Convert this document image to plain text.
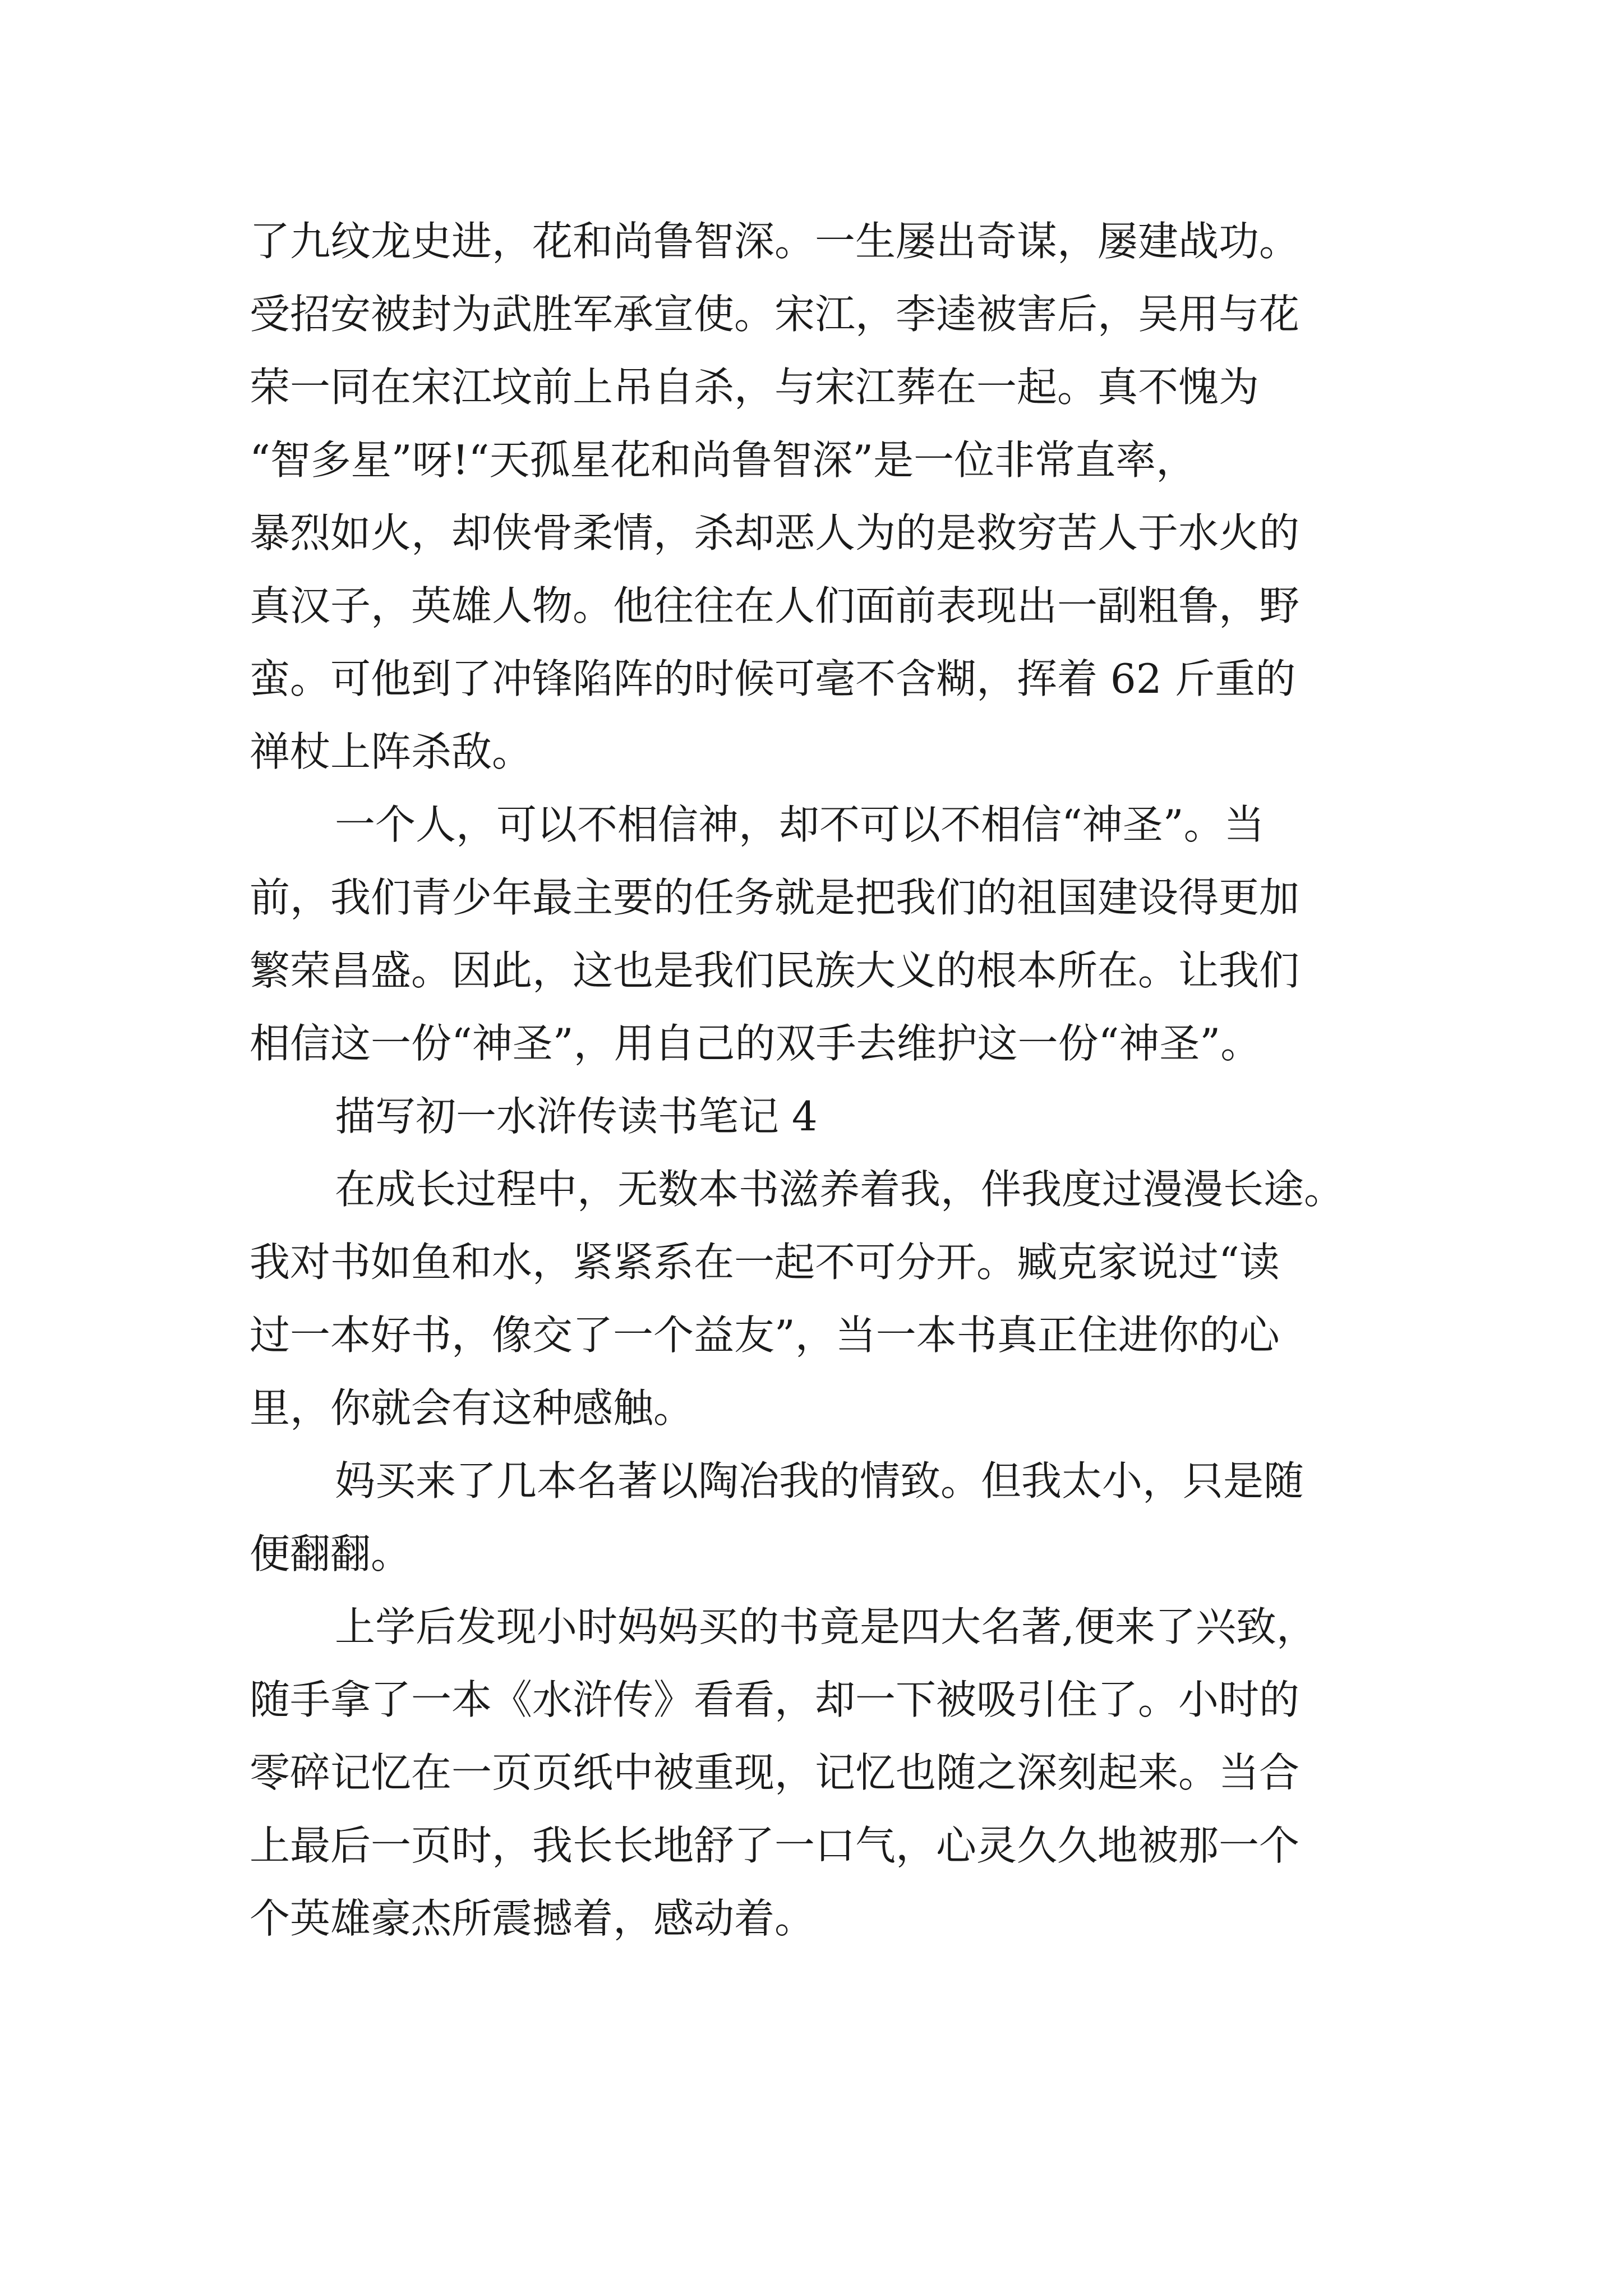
了九纹龙史进，花和尚鲁智深。一生屡出奇谋，屡建战功。
受招安被封为武胜军承宣使。宋江，李逵被害后，吴用与花
荣一同在宋江坟前上吊自杀，与宋江葬在一起。真不愧为
“智多星”呀!“天孤星花和尚鲁智深”是一位非常直率，
暴烈如火，却侠骨柔情，杀却恶人为的是救穷苦人于水火的
真汉子，英雄人物。他往往在人们面前表现出一副粗鲁，野
蛮。可他到了冲锋陷阵的时候可毫不含糊，挥着 62 斤重的
禅杖上阵杀敌。
一个人，可以不相信神，却不可以不相信“神圣”。当
前，我们青少年最主要的任务就是把我们的祖国建设得更加
繁荣昌盛。因此，这也是我们民族大义的根本所在。让我们
相信这一份“神圣”，用自己的双手去维护这一份“神圣”。
描写初一水浒传读书笔记 4
在成长过程中，无数本书滋养着我，伴我度过漫漫长途。
我对书如鱼和水，紧紧系在一起不可分开。臧克家说过“读
过一本好书，像交了一个益友”，当一本书真正住进你的心
里，你就会有这种感触。
妈买来了几本名著以陶冶我的情致。但我太小，只是随
便翻翻。
上学后发现小时妈妈买的书竟是四大名著,便来了兴致，
随手拿了一本《水浒传》看看，却一下被吸引住了。小时的
零碎记忆在一页页纸中被重现，记忆也随之深刻起来。当合
上最后一页时，我长长地舒了一口气，心灵久久地被那一个
个英雄豪杰所震撼着，感动着。
